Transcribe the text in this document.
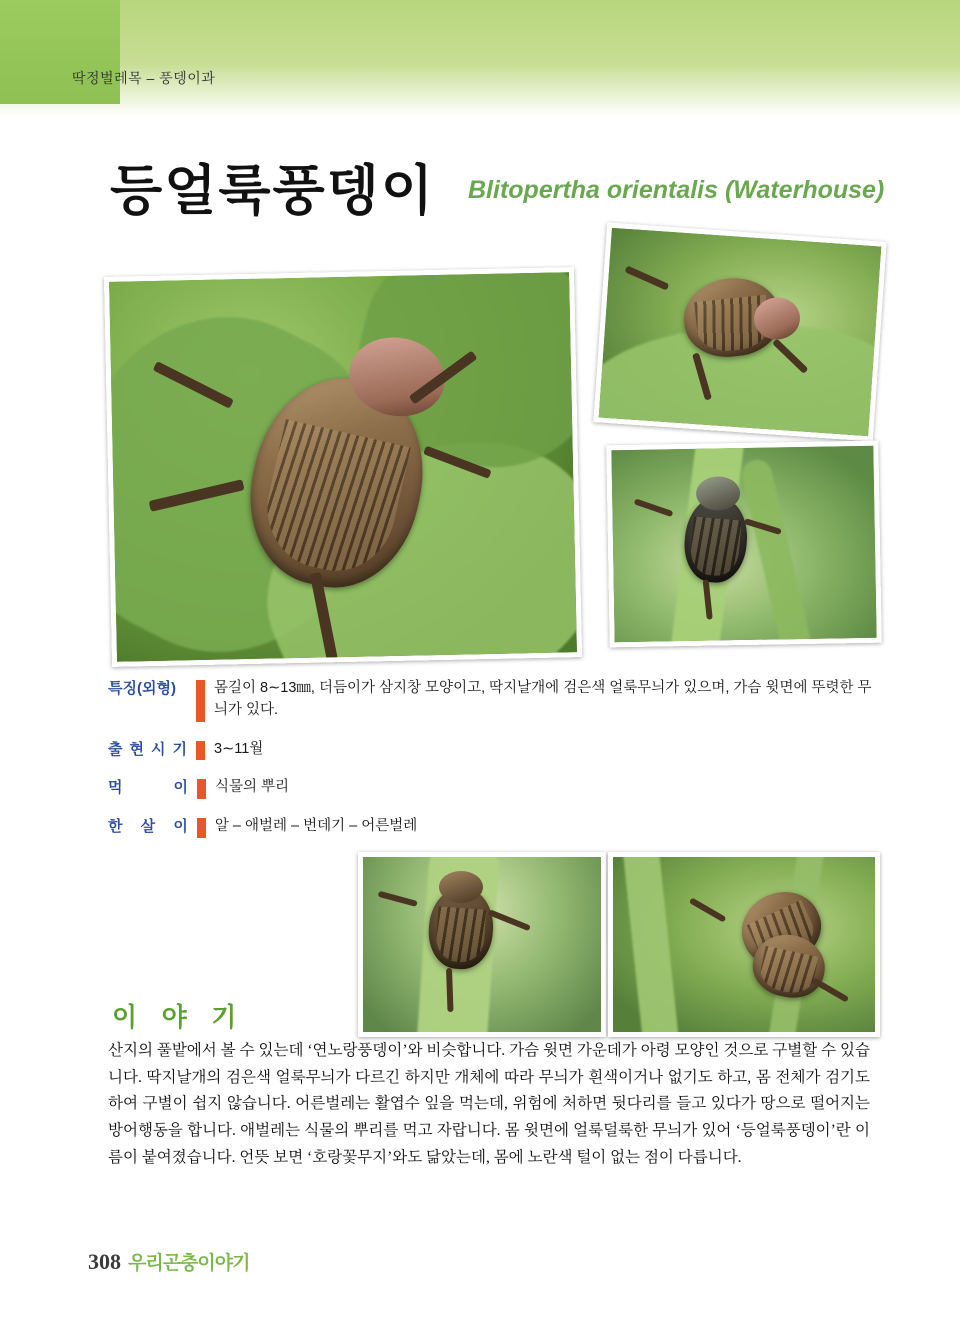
딱정벌레목 – 풍뎅이과
등얼룩풍뎅이 Blitopertha orientalis (Waterhouse)
특징(외형)	몸길이 8∼13㎜, 더듬이가 삼지창 모양이고, 딱지날개에 검은색 얼룩무늬가 있으며, 가슴 윗면에 뚜렷한 무늬가 있다.
출현시기 3∼11월
먹　　이 식물의 뿌리
한 살 이 알 – 애벌레 – 번데기 – 어른벌레
이 야 기
산지의 풀밭에서 볼 수 있는데 ‘연노랑풍뎅이’와 비슷합니다. 가슴 윗면 가운데가 아령 모양인 것으로 구별할 수 있습니다. 딱지날개의 검은색 얼룩무늬가 다르긴 하지만 개체에 따라 무늬가 흰색이거나 없기도 하고, 몸 전체가 검기도 하여 구별이 쉽지 않습니다. 어른벌레는 활엽수 잎을 먹는데, 위험에 처하면 뒷다리를 들고 있다가 땅으로 떨어지는 방어행동을 합니다. 애벌레는 식물의 뿌리를 먹고 자랍니다. 몸 윗면에 얼룩덜룩한 무늬가 있어 ‘등얼룩풍뎅이’란 이름이 붙여졌습니다. 언뜻 보면 ‘호랑꽃무지’와도 닮았는데, 몸에 노란색 털이 없는 점이 다릅니다.
308 우리곤충이야기
